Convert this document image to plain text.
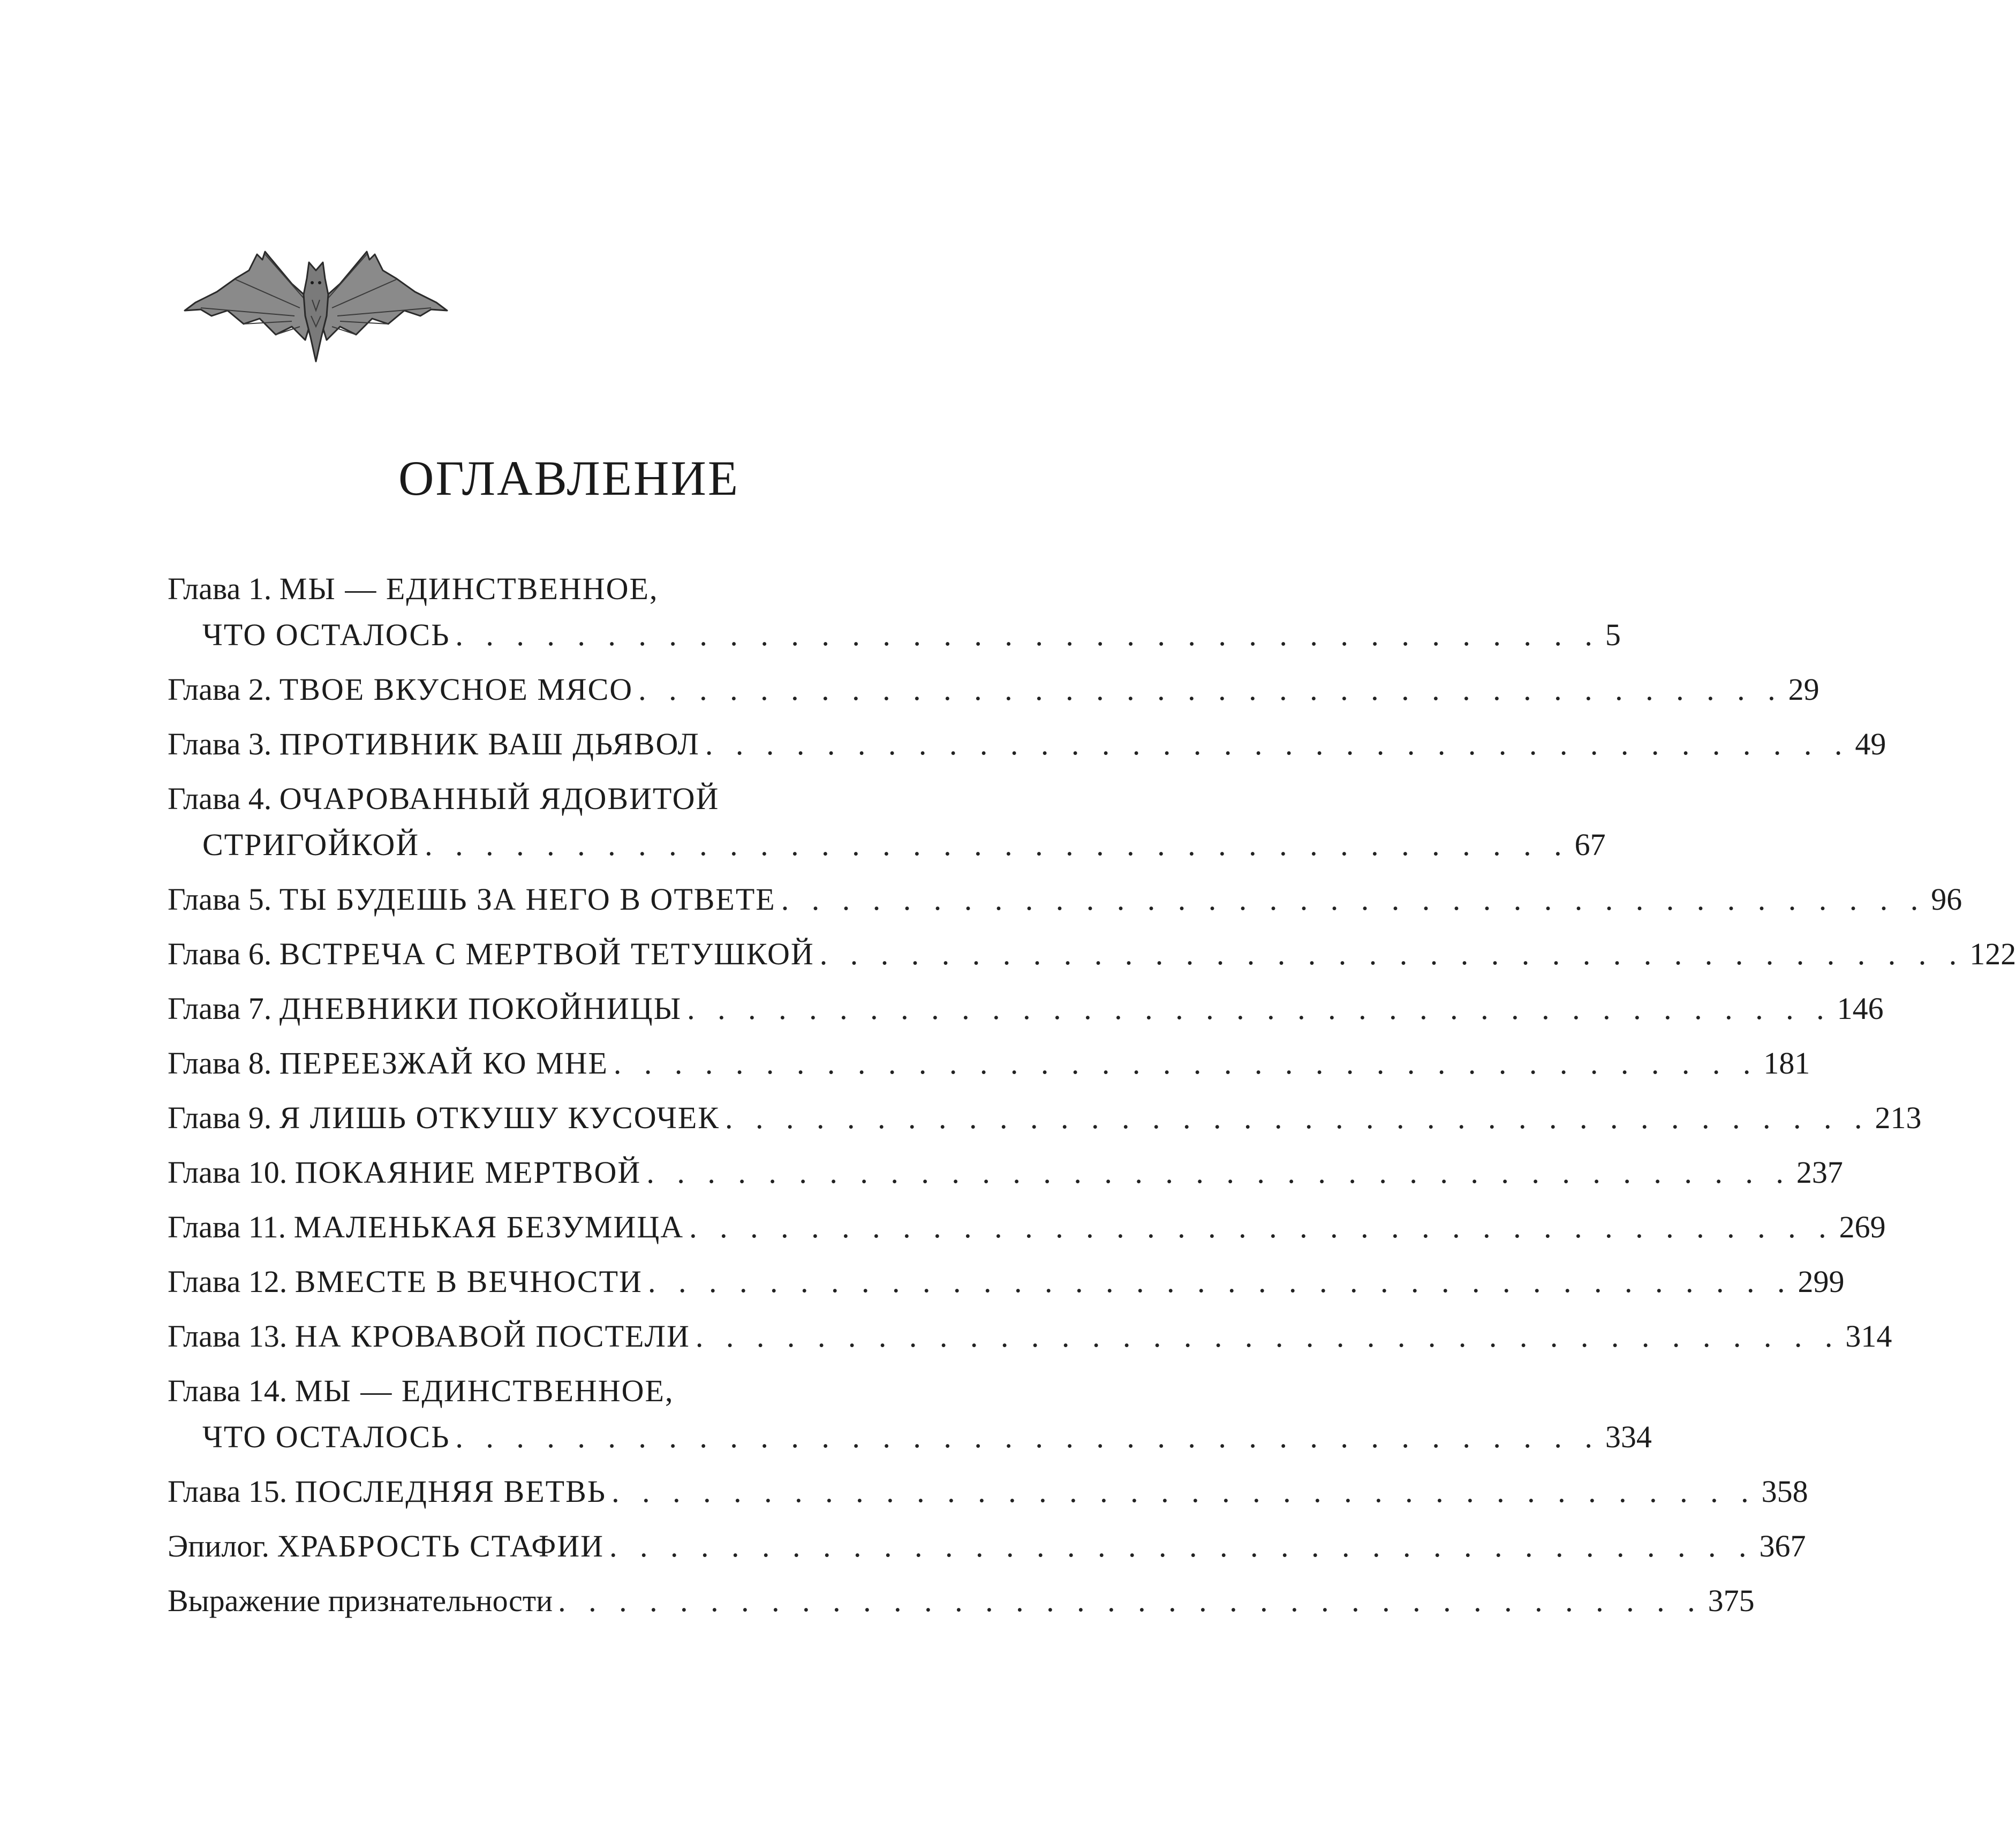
ОГЛАВЛЕНИЕ
Глава 1.
МЫ — ЕДИНСТВЕННОЕ,
ЧТО ОСТАЛОСЬ . . . . . . . . . . . . . . . . . . . . . . . . . . . . . . . . . . . . . . 5
Глава 2.
ТВОЕ ВКУСНОЕ МЯСО . . . . . . . . . . . . . . . . . . . . . . . . . . . . . . . . . . . . . . 29
Глава 3.
ПРОТИВНИК ВАШ ДЬЯВОЛ . . . . . . . . . . . . . . . . . . . . . . . . . . . . . . . . . . . . . . 49
Глава 4.
ОЧАРОВАННЫЙ ЯДОВИТОЙ
СТРИГОЙКОЙ . . . . . . . . . . . . . . . . . . . . . . . . . . . . . . . . . . . . . . 67
Глава 5.
ТЫ БУДЕШЬ ЗА НЕГО В ОТВЕТЕ . . . . . . . . . . . . . . . . . . . . . . . . . . . . . . . . . . . . . . 96
Глава 6.
ВСТРЕЧА С МЕРТВОЙ ТЕТУШКОЙ . . . . . . . . . . . . . . . . . . . . . . . . . . . . . . . . . . . . . . 122
Глава 7.
ДНЕВНИКИ ПОКОЙНИЦЫ . . . . . . . . . . . . . . . . . . . . . . . . . . . . . . . . . . . . . . 146
Глава 8.
ПЕРЕЕЗЖАЙ КО МНЕ . . . . . . . . . . . . . . . . . . . . . . . . . . . . . . . . . . . . . . 181
Глава 9.
Я ЛИШЬ ОТКУШУ КУСОЧЕК . . . . . . . . . . . . . . . . . . . . . . . . . . . . . . . . . . . . . . 213
Глава 10.
ПОКАЯНИЕ МЕРТВОЙ . . . . . . . . . . . . . . . . . . . . . . . . . . . . . . . . . . . . . . 237
Глава 11.
МАЛЕНЬКАЯ БЕЗУМИЦА . . . . . . . . . . . . . . . . . . . . . . . . . . . . . . . . . . . . . . 269
Глава 12.
ВМЕСТЕ В ВЕЧНОСТИ . . . . . . . . . . . . . . . . . . . . . . . . . . . . . . . . . . . . . . 299
Глава 13.
НА КРОВАВОЙ ПОСТЕЛИ . . . . . . . . . . . . . . . . . . . . . . . . . . . . . . . . . . . . . . 314
Глава 14.
МЫ — ЕДИНСТВЕННОЕ,
ЧТО ОСТАЛОСЬ . . . . . . . . . . . . . . . . . . . . . . . . . . . . . . . . . . . . . . 334
Глава 15.
ПОСЛЕДНЯЯ ВЕТВЬ . . . . . . . . . . . . . . . . . . . . . . . . . . . . . . . . . . . . . . 358
Эпилог.
ХРАБРОСТЬ СТАФИИ . . . . . . . . . . . . . . . . . . . . . . . . . . . . . . . . . . . . . . 367
Выражение признательности . . . . . . . . . . . . . . . . . . . . . . . . . . . . . . . . . . . . . . 375
